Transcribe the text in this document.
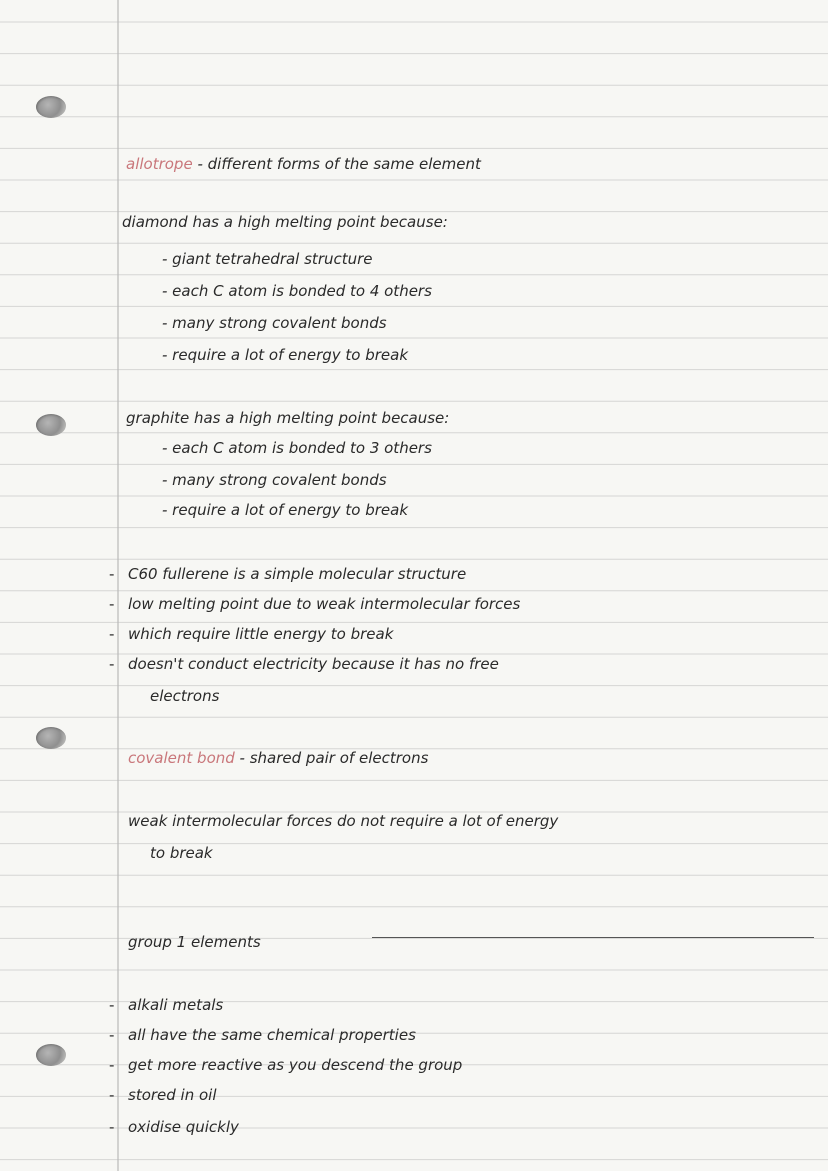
allotrope - different forms of the same element
diamond has a high melting point because:
- giant tetrahedral structure
- each C atom is bonded to 4 others
- many strong covalent bonds
- require a lot of energy to break
graphite has a high melting point because:
- each C atom is bonded to 3 others
- many strong covalent bonds
- require a lot of energy to break
-
-
-
-
C60 fullerene is a simple molecular structure
low melting point due to weak intermolecular forces
which require little energy to break
doesn't conduct electricity because it has no free
electrons
covalent bond - shared pair of electrons
weak intermolecular forces do not require a lot of energy
to break
group 1 elements
-
-
-
-
-
alkali metals
all have the same chemical properties
get more reactive as you descend the group
stored in oil
oxidise quickly
